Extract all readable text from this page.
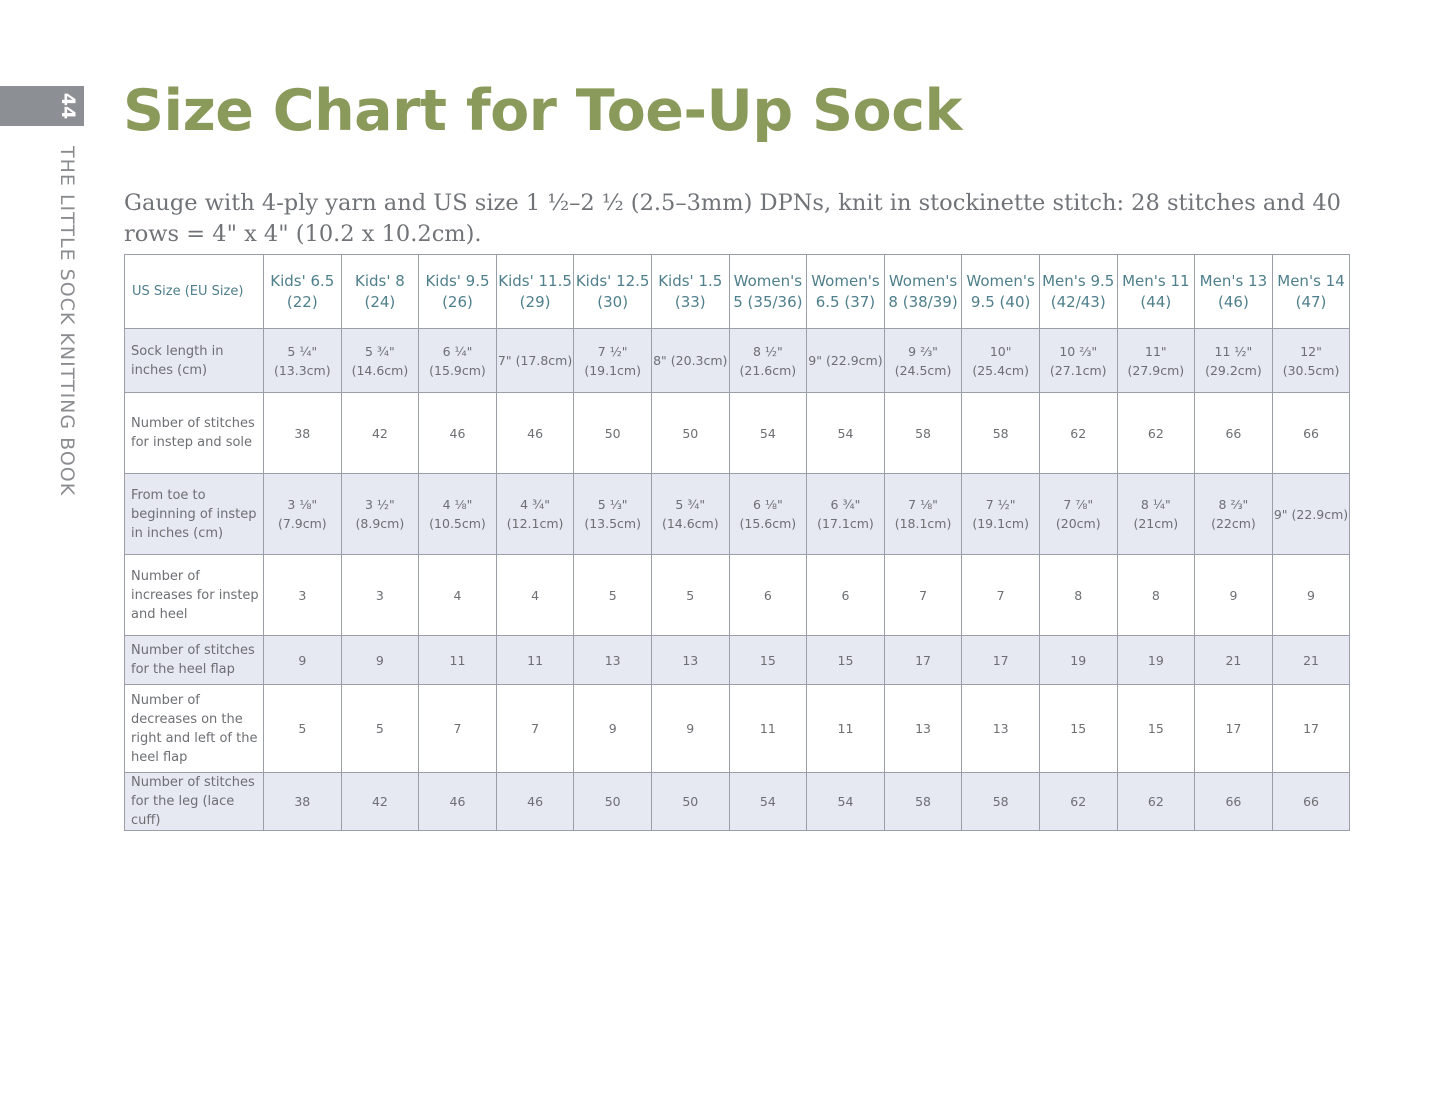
44
THE LITTLE SOCK KNITTING BOOK
Size Chart for Toe-Up Sock

Gauge with 4-ply yarn and US size 1 ½–2 ½ (2.5–3mm) DPNs, knit in stockinette stitch: 28 stitches and 40 rows = 4" x 4" (10.2 x 10.2cm).

US Size (EU Size)	Kids' 6.5 (22)	Kids' 8 (24)	Kids' 9.5 (26)	Kids' 11.5 (29)	Kids' 12.5 (30)	Kids' 1.5 (33)	Women's 5 (35/36)	Women's 6.5 (37)	Women's 8 (38/39)	Women's 9.5 (40)	Men's 9.5 (42/43)	Men's 11 (44)	Men's 13 (46)	Men's 14 (47)
Sock length in inches (cm)	5 ¼" (13.3cm)	5 ¾" (14.6cm)	6 ¼" (15.9cm)	7" (17.8cm)	7 ½" (19.1cm)	8" (20.3cm)	8 ½" (21.6cm)	9" (22.9cm)	9 ⅔" (24.5cm)	10" (25.4cm)	10 ⅔" (27.1cm)	11" (27.9cm)	11 ½" (29.2cm)	12" (30.5cm)
Number of stitches for instep and sole	38	42	46	46	50	50	54	54	58	58	62	62	66	66
From toe to beginning of instep in inches (cm)	3 ⅛" (7.9cm)	3 ½" (8.9cm)	4 ⅛" (10.5cm)	4 ¾" (12.1cm)	5 ⅓" (13.5cm)	5 ¾" (14.6cm)	6 ⅛" (15.6cm)	6 ¾" (17.1cm)	7 ⅛" (18.1cm)	7 ½" (19.1cm)	7 ⅞" (20cm)	8 ¼" (21cm)	8 ⅔" (22cm)	9" (22.9cm)
Number of increases for instep and heel	3	3	4	4	5	5	6	6	7	7	8	8	9	9
Number of stitches for the heel flap	9	9	11	11	13	13	15	15	17	17	19	19	21	21
Number of decreases on the right and left of the heel flap	5	5	7	7	9	9	11	11	13	13	15	15	17	17
Number of stitches for the leg (lace cuff)	38	42	46	46	50	50	54	54	58	58	62	62	66	66
